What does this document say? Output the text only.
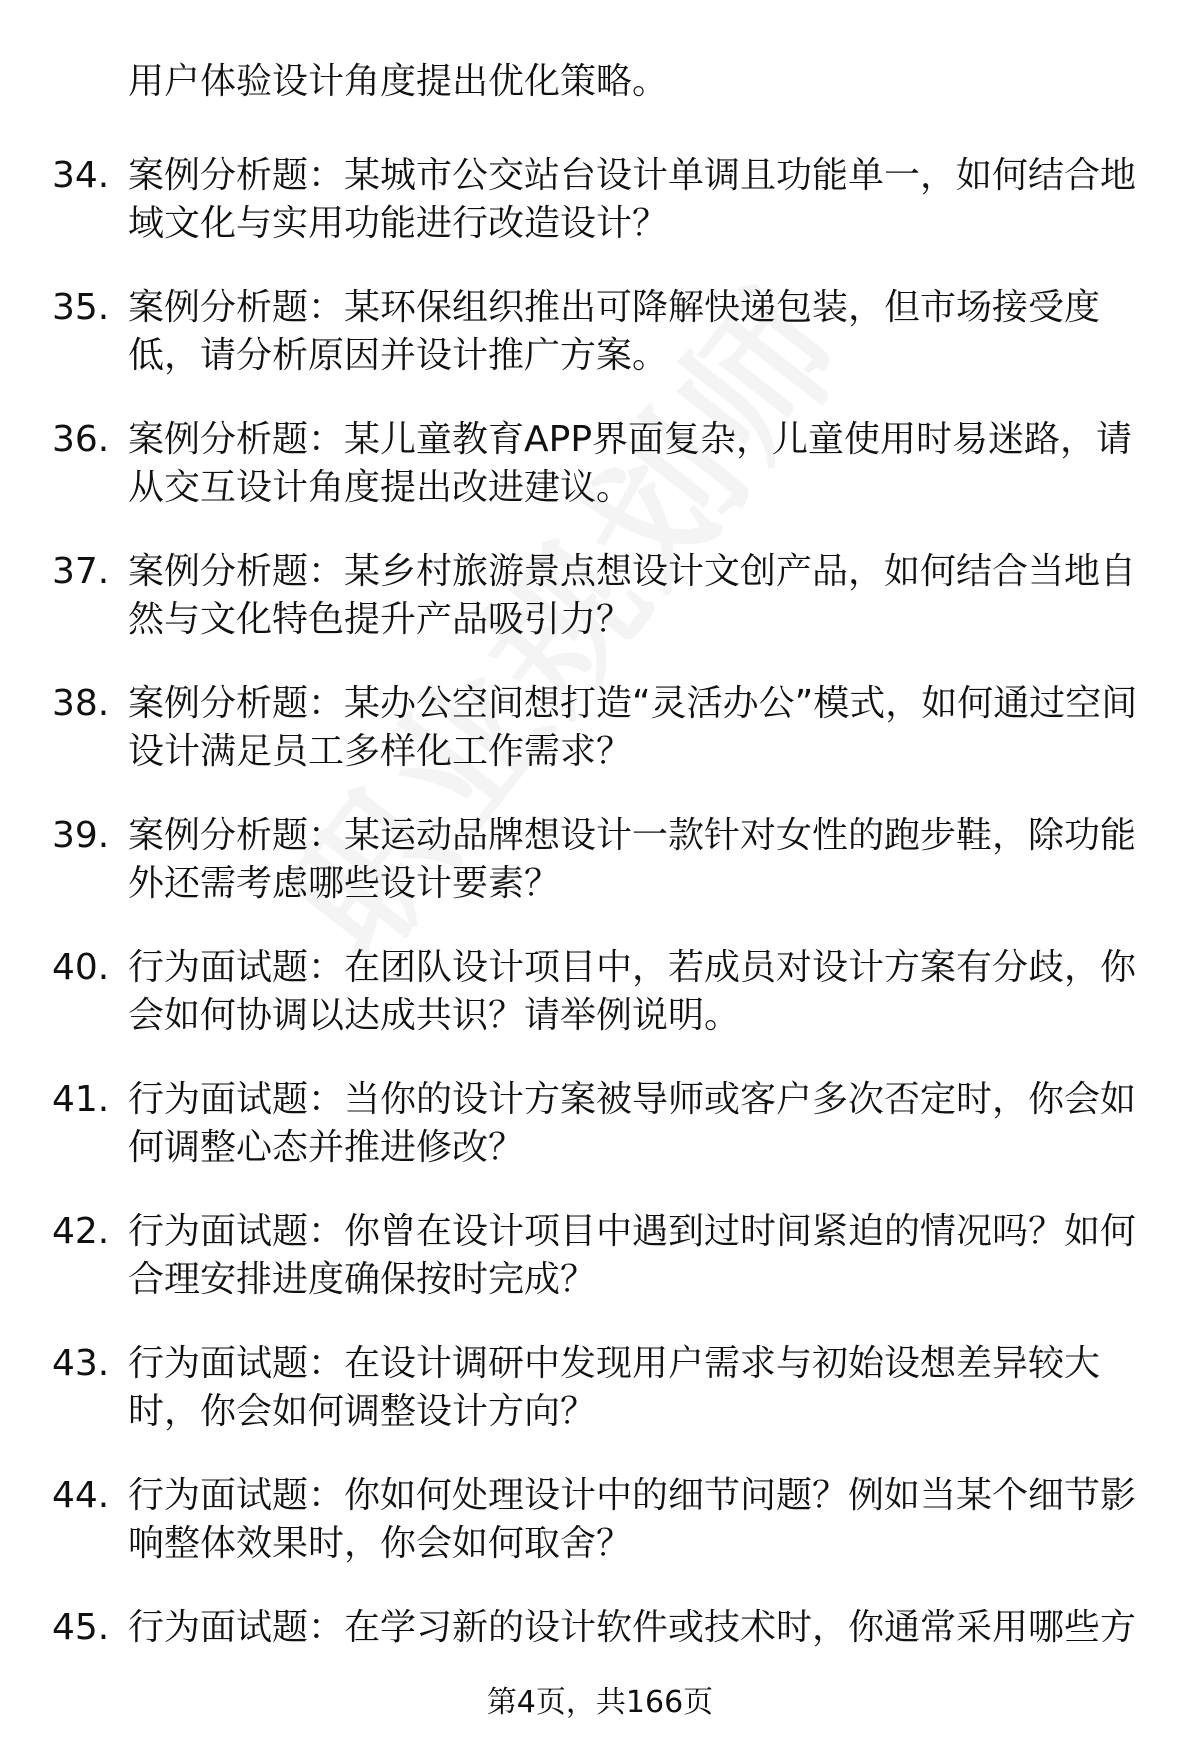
用户体验设计角度提出优化策略。
34. 案例分析题：某城市公交站台设计单调且功能单一，如何结合地域文化与实用功能进行改造设计？
35. 案例分析题：某环保组织推出可降解快递包装，但市场接受度低，请分析原因并设计推广方案。
36. 案例分析题：某儿童教育APP界面复杂，儿童使用时易迷路，请从交互设计角度提出改进建议。
37. 案例分析题：某乡村旅游景点想设计文创产品，如何结合当地自然与文化特色提升产品吸引力？
38. 案例分析题：某办公空间想打造“灵活办公”模式，如何通过空间设计满足员工多样化工作需求？
39. 案例分析题：某运动品牌想设计一款针对女性的跑步鞋，除功能外还需考虑哪些设计要素？
40. 行为面试题：在团队设计项目中，若成员对设计方案有分歧，你会如何协调以达成共识？请举例说明。
41. 行为面试题：当你的设计方案被导师或客户多次否定时，你会如何调整心态并推进修改？
42. 行为面试题：你曾在设计项目中遇到过时间紧迫的情况吗？如何合理安排进度确保按时完成？
43. 行为面试题：在设计调研中发现用户需求与初始设想差异较大时，你会如何调整设计方向？
44. 行为面试题：你如何处理设计中的细节问题？例如当某个细节影响整体效果时，你会如何取舍？
45. 行为面试题：在学习新的设计软件或技术时，你通常采用哪些方
第4页，共166页
